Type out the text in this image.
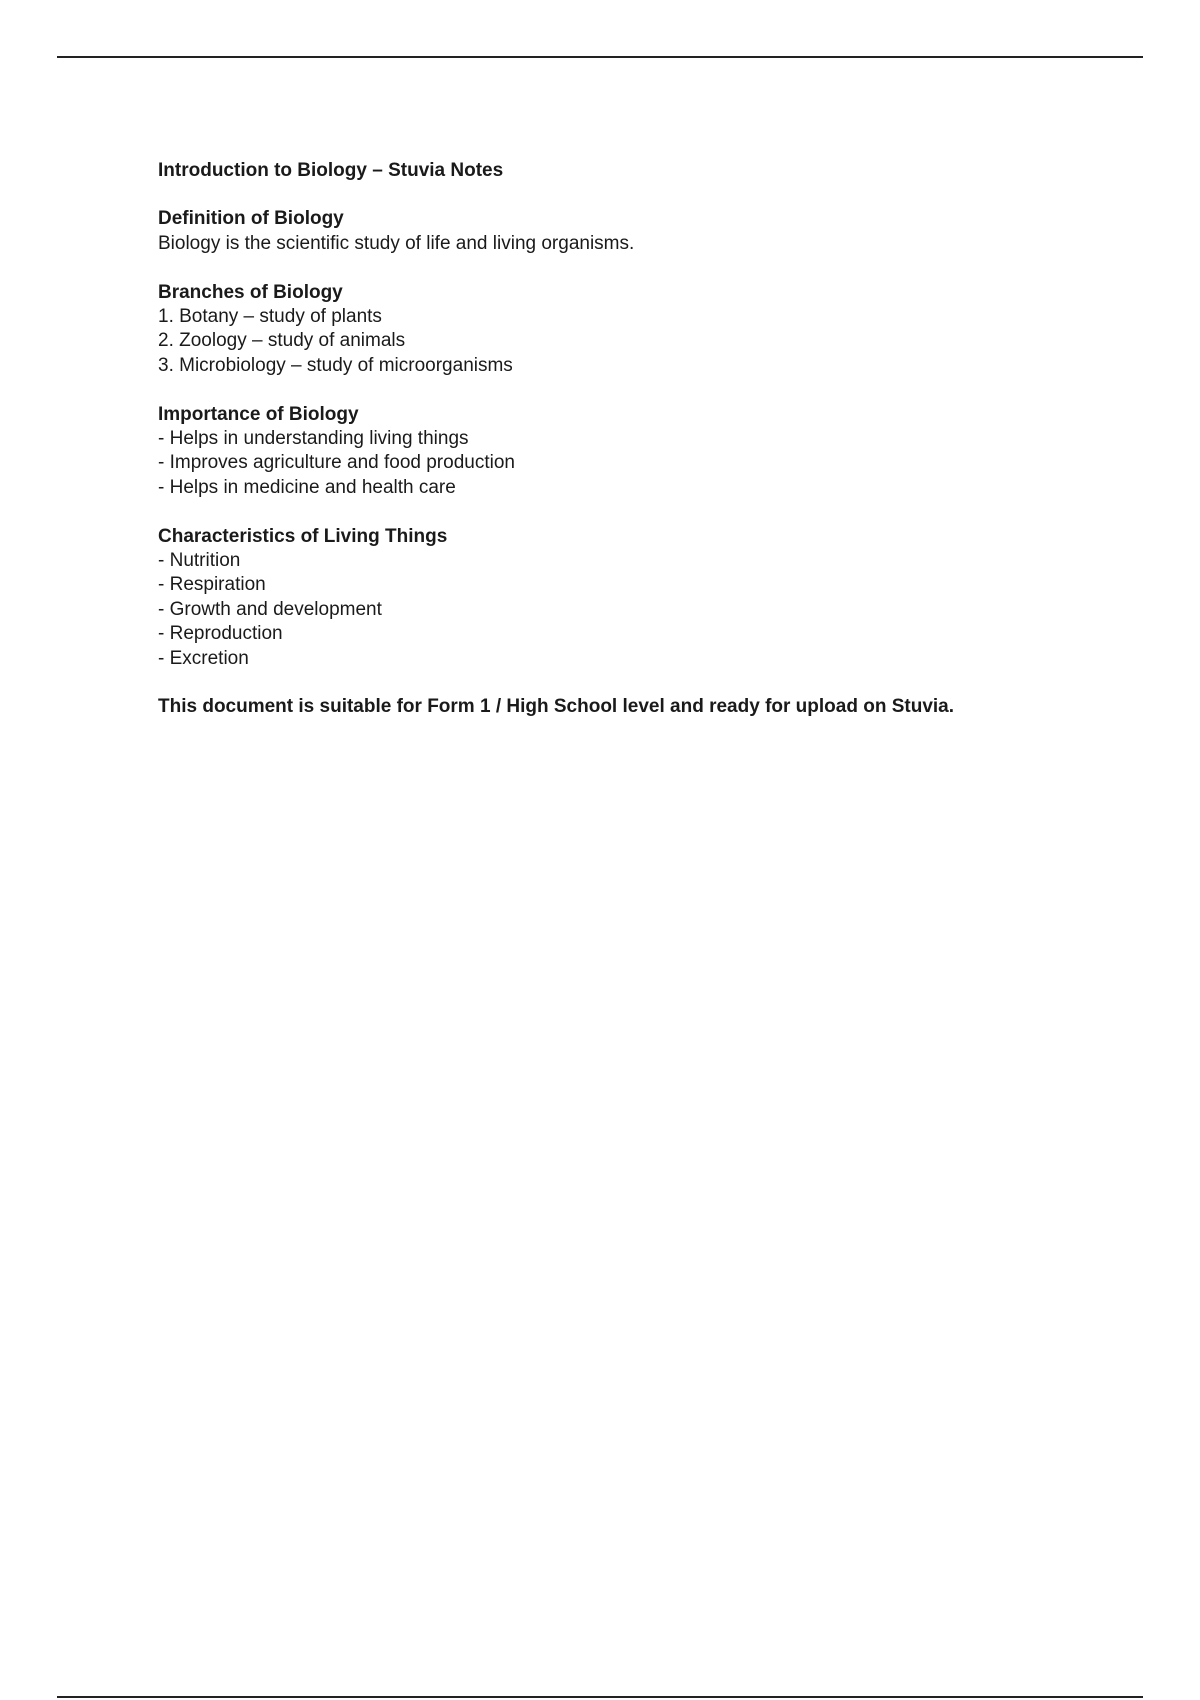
Introduction to Biology – Stuvia Notes
Definition of Biology
Biology is the scientific study of life and living organisms.
Branches of Biology
1. Botany – study of plants
2. Zoology – study of animals
3. Microbiology – study of microorganisms
Importance of Biology
- Helps in understanding living things
- Improves agriculture and food production
- Helps in medicine and health care
Characteristics of Living Things
- Nutrition
- Respiration
- Growth and development
- Reproduction
- Excretion
This document is suitable for Form 1 / High School level and ready for upload on Stuvia.
